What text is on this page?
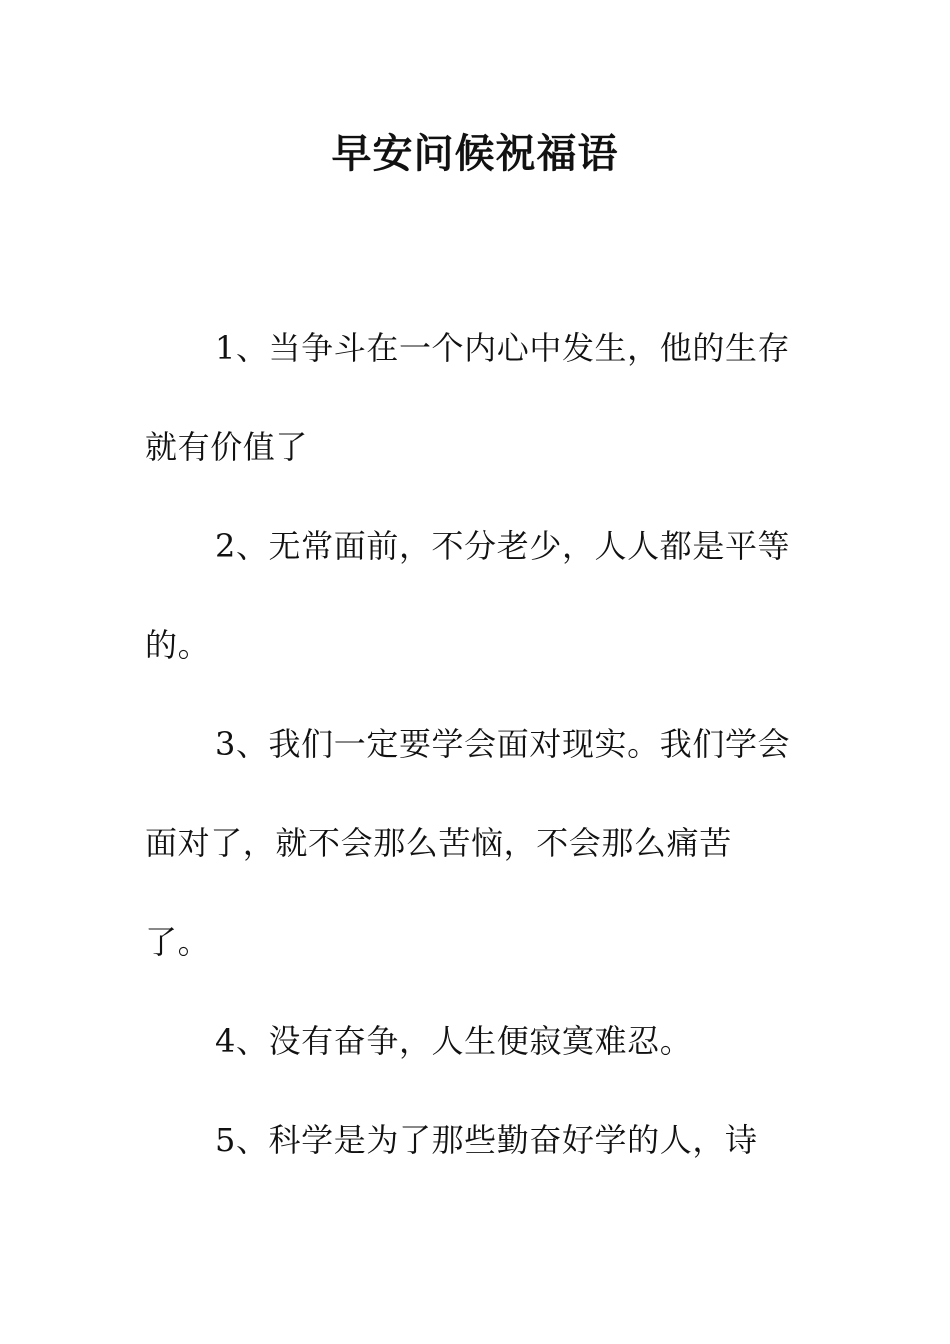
早安问候祝福语

1、当争斗在一个内心中发生，他的生存就有价值了

2、无常面前，不分老少，人人都是平等的。

3、我们一定要学会面对现实。我们学会面对了，就不会那么苦恼，不会那么痛苦了。

4、没有奋争，人生便寂寞难忍。

5、科学是为了那些勤奋好学的人，诗
